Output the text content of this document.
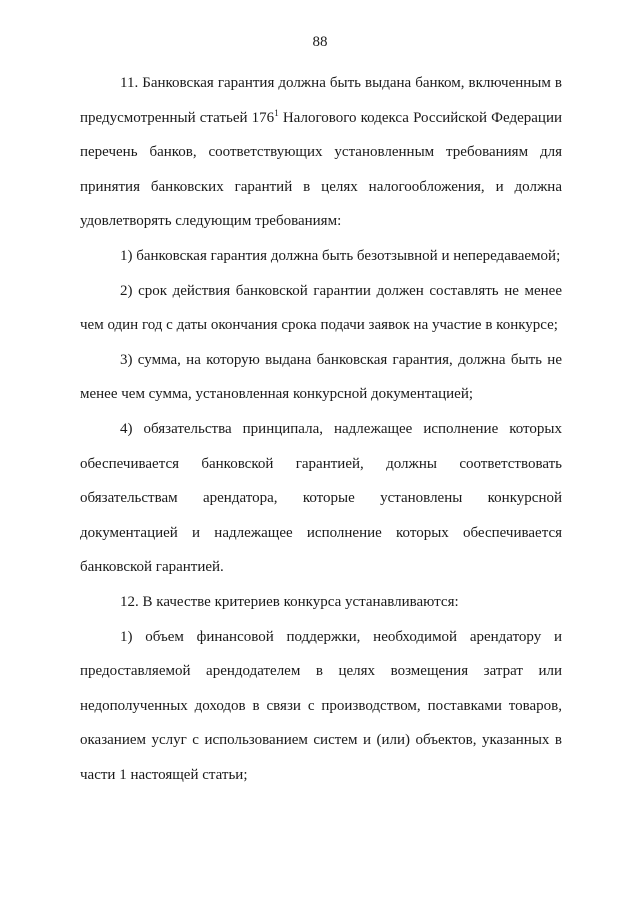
88

11. Банковская гарантия должна быть выдана банком, включенным в предусмотренный статьей $176^1$ Налогового кодекса Российской Федерации перечень банков, соответствующих установленным требованиям для принятия банковских гарантий в целях налогообложения, и должна удовлетворять следующим требованиям:

1) банковская гарантия должна быть безотзывной и непередаваемой;

2) срок действия банковской гарантии должен составлять не менее чем один год с даты окончания срока подачи заявок на участие в конкурсе;

3) сумма, на которую выдана банковская гарантия, должна быть не менее чем сумма, установленная конкурсной документацией;

4) обязательства принципала, надлежащее исполнение которых обеспечивается банковской гарантией, должны соответствовать обязательствам арендатора, которые установлены конкурсной документацией и надлежащее исполнение которых обеспечивается банковской гарантией.

12. В качестве критериев конкурса устанавливаются:

1) объем финансовой поддержки, необходимой арендатору и предоставляемой арендодателем в целях возмещения затрат или недополученных доходов в связи с производством, поставками товаров, оказанием услуг с использованием систем и (или) объектов, указанных в части 1 настоящей статьи;
